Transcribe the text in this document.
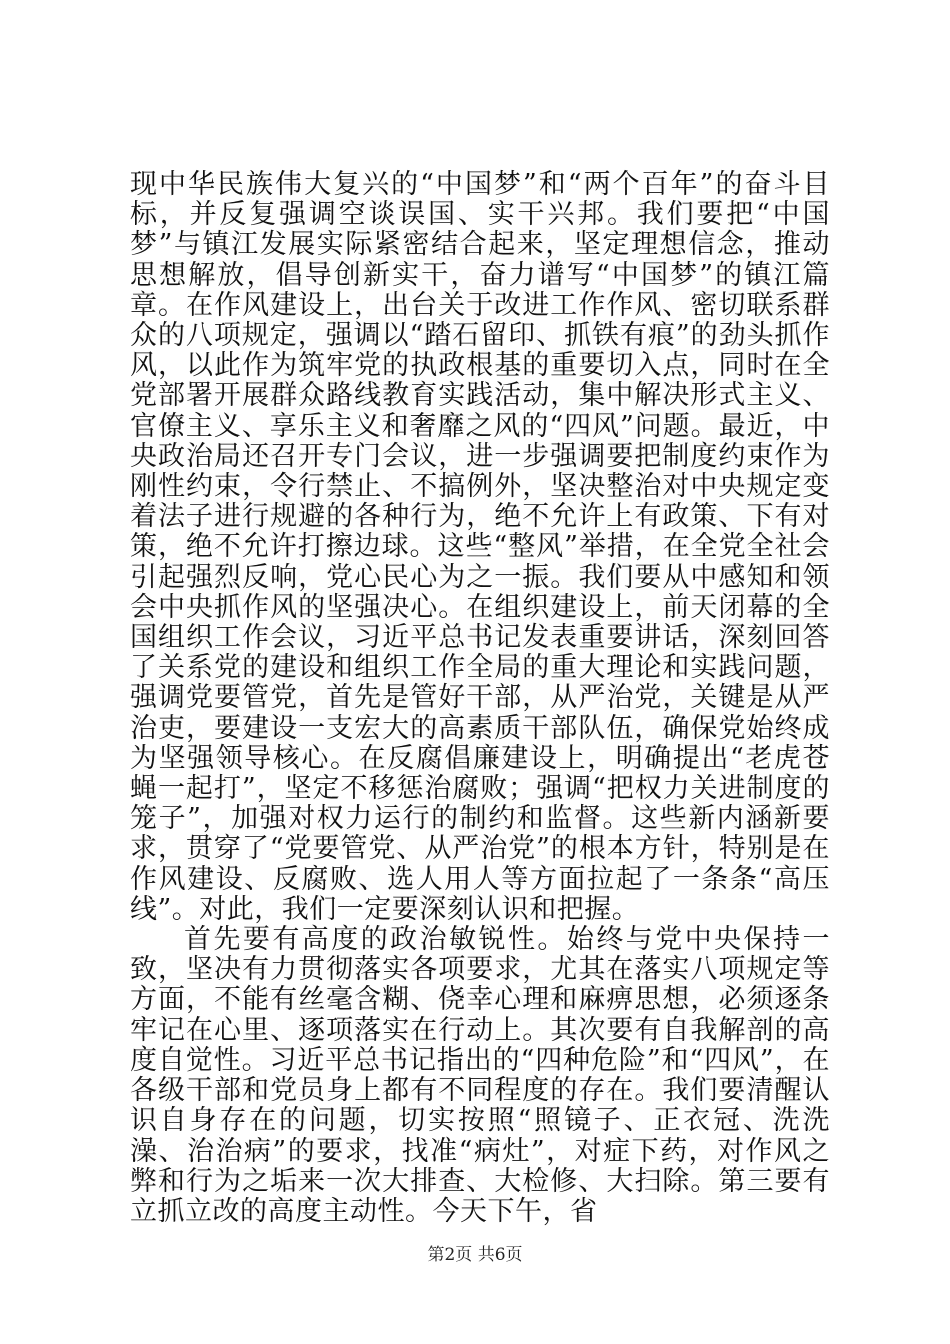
现中华民族伟大复兴的“中国梦”和“两个百年”的奋斗目标，并反复强调空谈误国、实干兴邦。我们要把“中国梦”与镇江发展实际紧密结合起来，坚定理想信念，推动思想解放，倡导创新实干，奋力谱写“中国梦”的镇江篇章。在作风建设上，出台关于改进工作作风、密切联系群众的八项规定，强调以“踏石留印、抓铁有痕”的劲头抓作风，以此作为筑牢党的执政根基的重要切入点，同时在全党部署开展群众路线教育实践活动，集中解决形式主义、官僚主义、享乐主义和奢靡之风的“四风”问题。最近，中央政治局还召开专门会议，进一步强调要把制度约束作为刚性约束，令行禁止、不搞例外，坚决整治对中央规定变着法子进行规避的各种行为，绝不允许上有政策、下有对策，绝不允许打擦边球。这些“整风”举措，在全党全社会引起强烈反响，党心民心为之一振。我们要从中感知和领会中央抓作风的坚强决心。在组织建设上，前天闭幕的全国组织工作会议，习近平总书记发表重要讲话，深刻回答了关系党的建设和组织工作全局的重大理论和实践问题，强调党要管党，首先是管好干部，从严治党，关键是从严治吏，要建设一支宏大的高素质干部队伍，确保党始终成为坚强领导核心。在反腐倡廉建设上，明确提出“老虎苍蝇一起打”，坚定不移惩治腐败；强调“把权力关进制度的笼子”，加强对权力运行的制约和监督。这些新内涵新要求，贯穿了“党要管党、从严治党”的根本方针，特别是在作风建设、反腐败、选人用人等方面拉起了一条条“高压线”。对此，我们一定要深刻认识和把握。

首先要有高度的政治敏锐性。始终与党中央保持一致，坚决有力贯彻落实各项要求，尤其在落实八项规定等方面，不能有丝毫含糊、侥幸心理和麻痹思想，必须逐条牢记在心里、逐项落实在行动上。其次要有自我解剖的高度自觉性。习近平总书记指出的“四种危险”和“四风”，在各级干部和党员身上都有不同程度的存在。我们要清醒认识自身存在的问题，切实按照“照镜子、正衣冠、洗洗澡、治治病”的要求，找准“病灶”，对症下药，对作风之弊和行为之垢来一次大排查、大检修、大扫除。第三要有立抓立改的高度主动性。今天下午，省

第2页 共6页
